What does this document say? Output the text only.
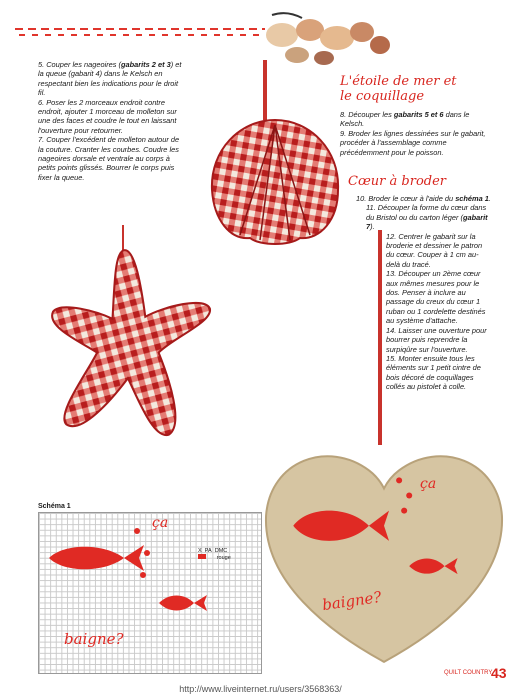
5. Couper les nageoires (gabarits 2 et 3) et la queue (gabarit 4) dans le Kelsch en respectant bien les indications pour le droit fil.

6. Poser les 2 morceaux endroit contre endroit, ajouter 1 morceau de molleton sur une des faces et coudre le tout en laissant l'ouverture pour retourner.

7. Couper l'excédent de molleton autour de la couture. Cranter les courbes. Coudre les nageoires dorsale et ventrale au corps à petits points glissés. Bourrer le corps puis fixer la queue.

L'étoile de mer et
le coquillage

8. Découper les gabarits 5 et 6 dans le Kelsch.

9. Broder les lignes dessinées sur le gabarit, procéder à l'assemblage comme précédemment pour le poisson.

Cœur à broder

10. Broder le cœur à l'aide du schéma 1.

11. Découper la forme du cœur dans du Bristol ou du carton léger (gabarit 7).

12. Centrer le gabarit sur la broderie et dessiner le patron du cœur. Couper à 1 cm au-delà du tracé.

13. Découper un 2ème cœur aux mêmes mesures pour le dos. Penser à inclure au passage du creux du cœur 1 ruban ou 1 cordelette destinés au système d'attache.

14. Laisser une ouverture pour bourrer puis reprendre la surpiqûre sur l'ouverture.

15. Monter ensuite tous les éléments sur 1 petit cintre de bois décoré de coquillages collés au pistolet à colle.

ça
baigne?
Schéma 1
ça
baigne?
X PA DMC
rouge
QUILT COUNTRY
43
http://www.liveinternet.ru/users/3568363/
